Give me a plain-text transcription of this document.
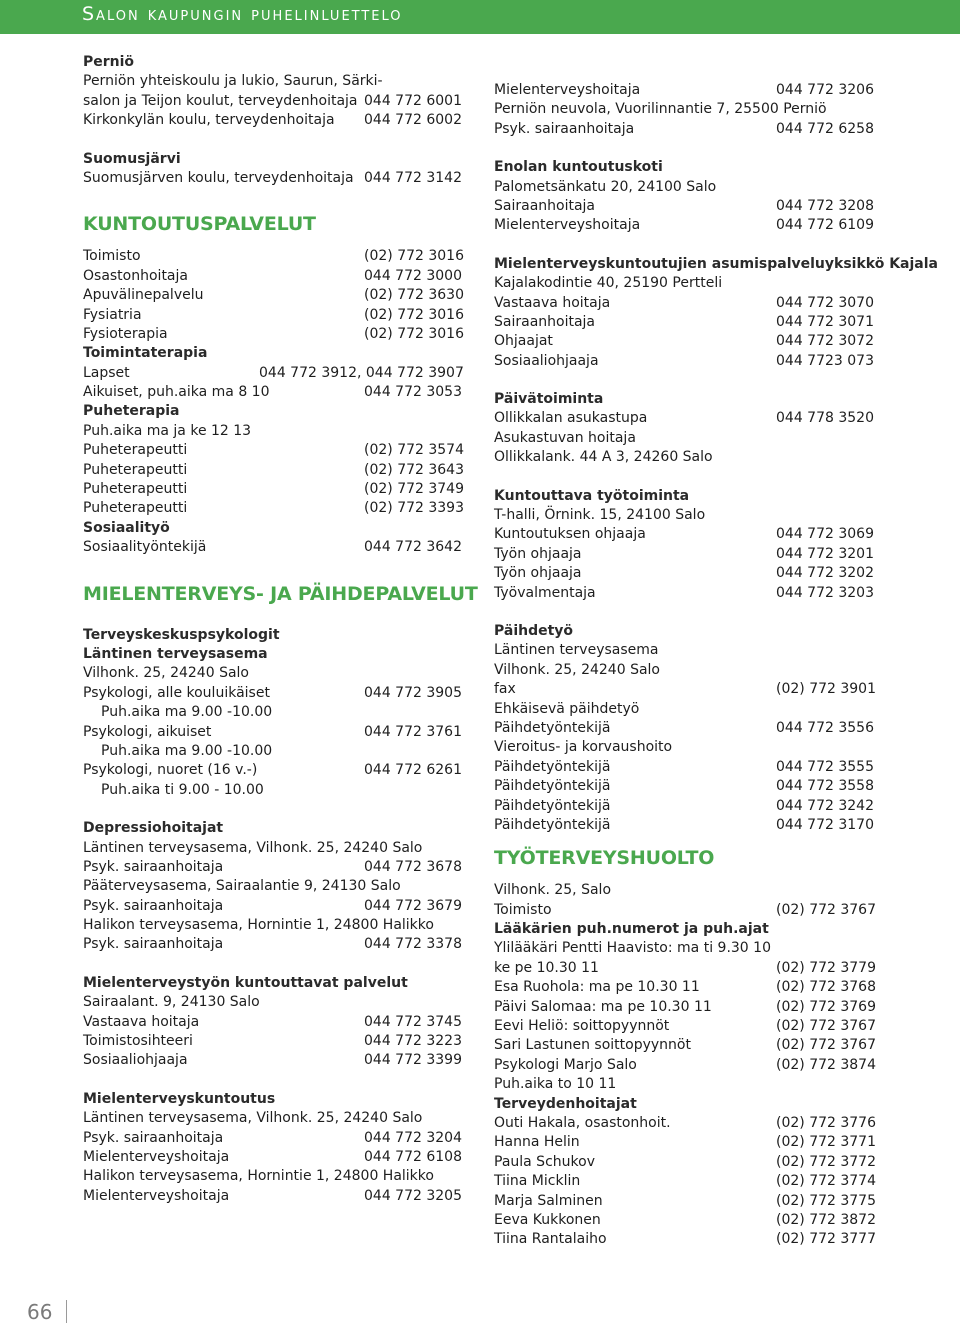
Salon kaupungin puhelinluettelo
Perniö
Perniön yhteiskoulu ja lukio, Saurun, Särki-
salon ja Teijon koulut, terveydenhoitaja 044 772 6001
Kirkonkylän koulu, terveydenhoitaja 044 772 6002
Suomusjärvi
Suomusjärven koulu, terveydenhoitaja 044 772 3142
KUNTOUTUSPALVELUT
Toimisto	(02) 772 3016
Osastonhoitaja	044 772 3000
Apuvälinepalvelu	(02) 772 3630
Fysiatria	(02) 772 3016
Fysioterapia	(02) 772 3016
Toimintaterapia
Lapset	044 772 3912, 044 772 3907
Aikuiset, puh.aika ma 8 10	044 772 3053
Puheterapia
Puh.aika ma ja ke 12 13
Puheterapeutti	(02) 772 3574
Puheterapeutti	(02) 772 3643
Puheterapeutti	(02) 772 3749
Puheterapeutti	(02) 772 3393
Sosiaalityö
Sosiaalityöntekijä	044 772 3642
MIELENTERVEYS- JA PÄIHDEPALVELUT
Terveyskeskuspsykologit
Läntinen terveysasema
Vilhonk. 25, 24240 Salo
Psykologi, alle kouluikäiset	044 772 3905
Puh.aika ma 9.00 -10.00
Psykologi, aikuiset	044 772 3761
Puh.aika ma 9.00 -10.00
Psykologi, nuoret (16 v.-)	044 772 6261
Puh.aika ti 9.00 - 10.00
Depressiohoitajat
Läntinen terveysasema, Vilhonk. 25, 24240 Salo
Psyk. sairaanhoitaja	044 772 3678
Pääterveysasema, Sairaalantie 9, 24130 Salo
Psyk. sairaanhoitaja	044 772 3679
Halikon terveysasema, Hornintie 1, 24800 Halikko
Psyk. sairaanhoitaja	044 772 3378
Mielenterveystyön kuntouttavat palvelut
Sairaalant. 9, 24130 Salo
Vastaava hoitaja	044 772 3745
Toimistosihteeri	044 772 3223
Sosiaaliohjaaja	044 772 3399
Mielenterveyskuntoutus
Läntinen terveysasema, Vilhonk. 25, 24240 Salo
Psyk. sairaanhoitaja	044 772 3204
Mielenterveyshoitaja	044 772 6108
Halikon terveysasema, Hornintie 1, 24800 Halikko
Mielenterveyshoitaja	044 772 3205
Mielenterveyshoitaja	044 772 3206
Perniön neuvola, Vuorilinnantie 7, 25500 Perniö
Psyk. sairaanhoitaja	044 772 6258
Enolan kuntoutuskoti
Palometsänkatu 20, 24100 Salo
Sairaanhoitaja	044 772 3208
Mielenterveyshoitaja	044 772 6109
Mielenterveyskuntoutujien asumispalveluyksikkö Kajala
Kajalakodintie 40, 25190 Pertteli
Vastaava hoitaja	044 772 3070
Sairaanhoitaja	044 772 3071
Ohjaajat	044 772 3072
Sosiaaliohjaaja	044 7723 073
Päivätoiminta
Ollikkalan asukastupa	044 778 3520
Asukastuvan hoitaja
Ollikkalank. 44 A 3, 24260 Salo
Kuntouttava työtoiminta
T-halli, Örnink. 15, 24100 Salo
Kuntoutuksen ohjaaja	044 772 3069
Työn ohjaaja	044 772 3201
Työn ohjaaja	044 772 3202
Työvalmentaja	044 772 3203
Päihdetyö
Läntinen terveysasema
Vilhonk. 25, 24240 Salo
fax	(02) 772 3901
Ehkäisevä päihdetyö
Päihdetyöntekijä	044 772 3556
Vieroitus- ja korvaushoito
Päihdetyöntekijä	044 772 3555
Päihdetyöntekijä	044 772 3558
Päihdetyöntekijä	044 772 3242
Päihdetyöntekijä	044 772 3170
TYÖTERVEYSHUOLTO
Vilhonk. 25, Salo
Toimisto	(02) 772 3767
Lääkärien puh.numerot ja puh.ajat
Ylilääkäri Pentti Haavisto: ma ti 9.30 10
ke pe 10.30 11	(02) 772 3779
Esa Ruohola: ma pe 10.30 11	(02) 772 3768
Päivi Salomaa: ma pe 10.30 11	(02) 772 3769
Eevi Heliö: soittopyynnöt	(02) 772 3767
Sari Lastunen soittopyynnöt	(02) 772 3767
Psykologi Marjo Salo	(02) 772 3874
Puh.aika to 10 11
Terveydenhoitajat
Outi Hakala, osastonhoit.	(02) 772 3776
Hanna Helin	(02) 772 3771
Paula Schukov	(02) 772 3772
Tiina Micklin	(02) 772 3774
Marja Salminen	(02) 772 3775
Eeva Kukkonen	(02) 772 3872
Tiina Rantalaiho	(02) 772 3777
66
